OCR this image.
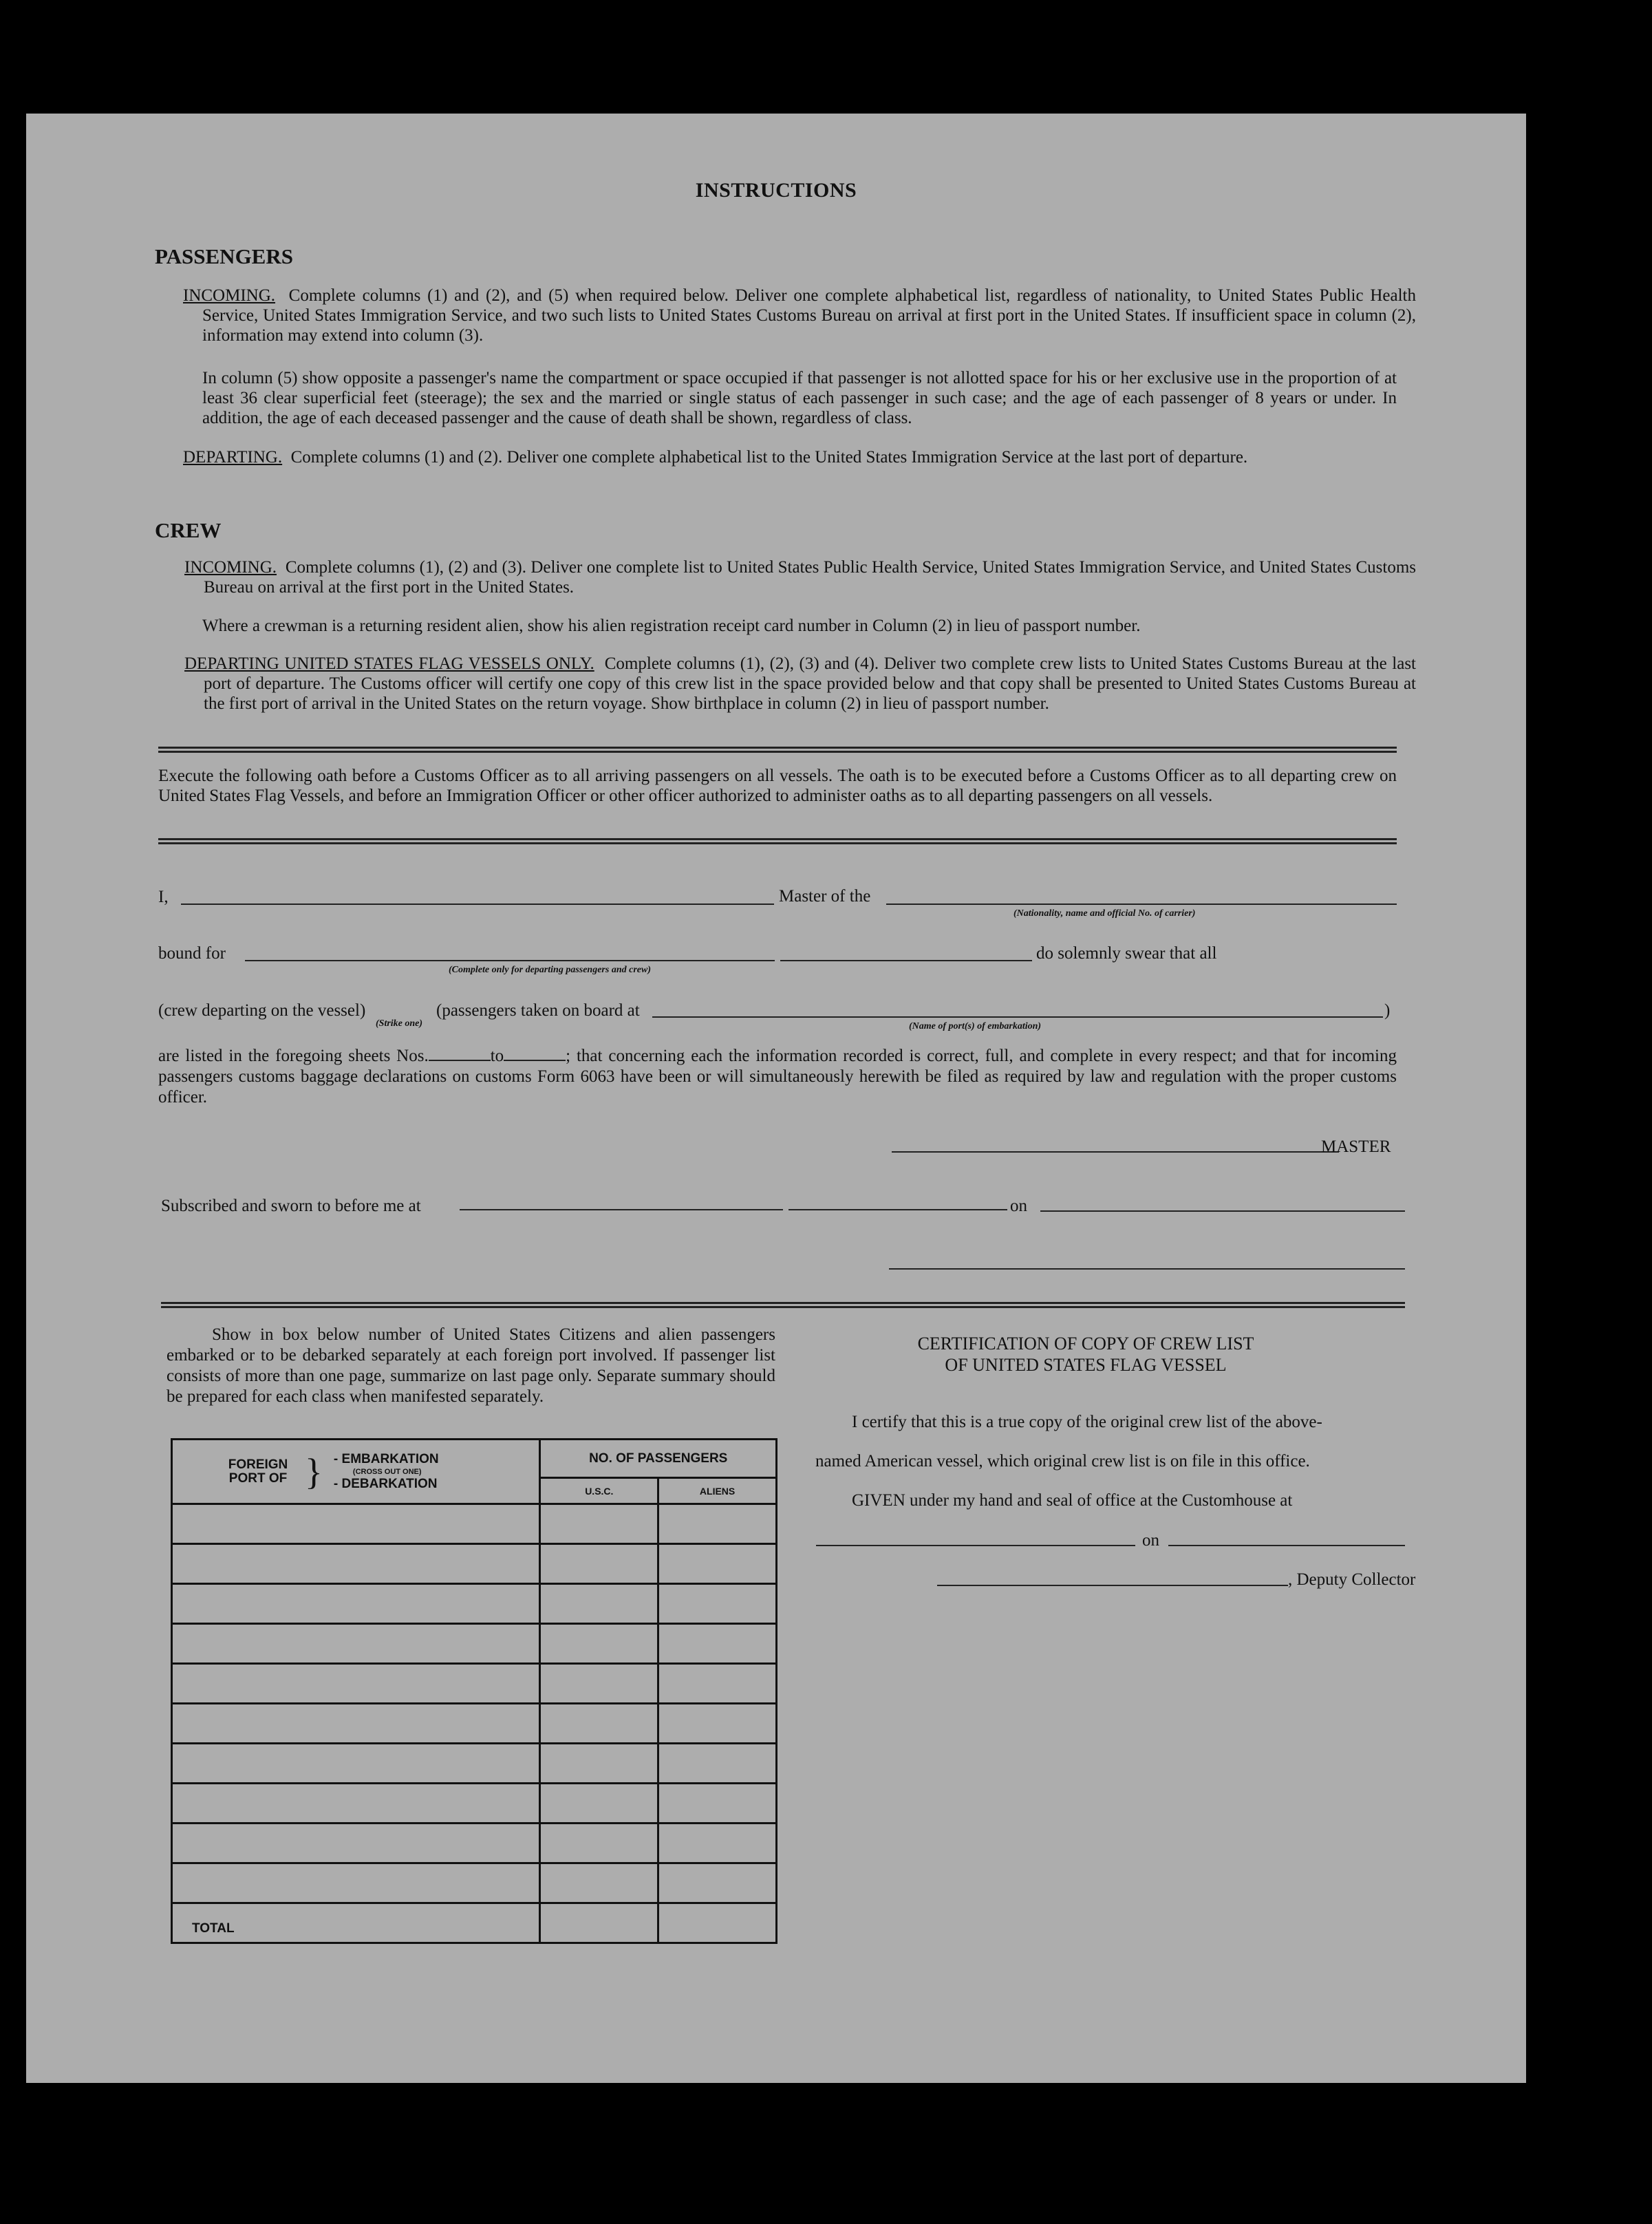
INSTRUCTIONS
PASSENGERS
INCOMING. Complete columns (1) and (2), and (5) when required below. Deliver one complete alphabetical list, regardless of nationality, to United States Public Health Service, United States Immigration Service, and two such lists to United States Customs Bureau on arrival at first port in the United States. If insufficient space in column (2), information may extend into column (3).
In column (5) show opposite a passenger's name the compartment or space occupied if that passenger is not allotted space for his or her exclusive use in the proportion of at least 36 clear superficial feet (steerage); the sex and the married or single status of each passenger in such case; and the age of each passenger of 8 years or under. In addition, the age of each deceased passenger and the cause of death shall be shown, regardless of class.
DEPARTING. Complete columns (1) and (2). Deliver one complete alphabetical list to the United States Immigration Service at the last port of departure.
CREW
INCOMING. Complete columns (1), (2) and (3). Deliver one complete list to United States Public Health Service, United States Immigration Service, and United States Customs Bureau on arrival at the first port in the United States.
Where a crewman is a returning resident alien, show his alien registration receipt card number in Column (2) in lieu of passport number.
DEPARTING UNITED STATES FLAG VESSELS ONLY. Complete columns (1), (2), (3) and (4). Deliver two complete crew lists to United States Customs Bureau at the last port of departure. The Customs officer will certify one copy of this crew list in the space provided below and that copy shall be presented to United States Customs Bureau at the first port of arrival in the United States on the return voyage. Show birthplace in column (2) in lieu of passport number.
Execute the following oath before a Customs Officer as to all arriving passengers on all vessels. The oath is to be executed before a Customs Officer as to all departing crew on United States Flag Vessels, and before an Immigration Officer or other officer authorized to administer oaths as to all departing passengers on all vessels.
I,	Master of the
(Nationality, name and official No. of carrier)
bound for
(Complete only for departing passengers and crew)
do solemnly swear that all
(crew departing on the vessel)
(Strike one)
(passengers taken on board at	)
(Name of port(s) of embarkation)
are listed in the foregoing sheets Nos.	to	; that concerning each the information recorded is correct, full, and complete in every respect; and that for incoming passengers customs baggage declarations on customs Form 6063 have been or will simultaneously herewith be filed as required by law and regulation with the proper customs officer.
MASTER
Subscribed and sworn to before me at	on
Show in box below number of United States Citizens and alien passengers embarked or to be debarked separately at each foreign port involved. If passenger list consists of more than one page, summarize on last page only. Separate summary should be prepared for each class when manifested separately.
FOREIGN PORT OF } - EMBARKATION
(CROSS OUT ONE)
- DEBARKATION	NO. OF PASSENGERS	
	U.S.C.	ALIENS

TOTAL		
CERTIFICATION OF COPY OF CREW LIST
OF UNITED STATES FLAG VESSEL
I certify that this is a true copy of the original crew list of the above-
named American vessel, which original crew list is on file in this office.
GIVEN under my hand and seal of office at the Customhouse at
on
, Deputy Collector
